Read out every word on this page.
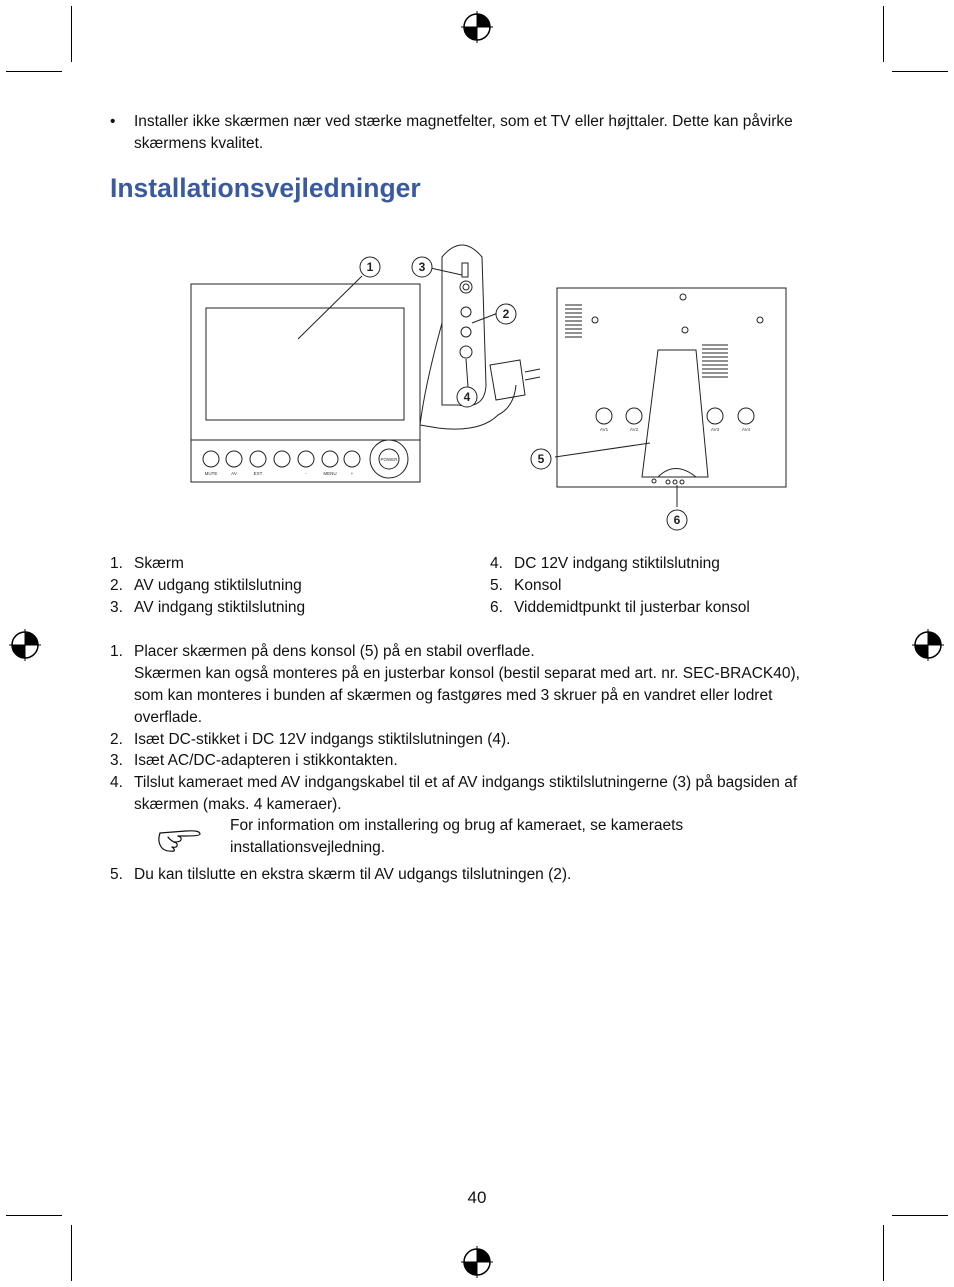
• Installer ikke skærmen nær ved stærke magnetfelter, som et TV eller højttaler. Dette kan påvirke
skærmens kvalitet.
Installationsvejledninger
1
2
3
4
5
6
MUTE	AV	EXT	-	MENU	+
POWER
AV1	AV2	AV3	AV4
1. Skærm
2. AV udgang stiktilslutning
3. AV indgang stiktilslutning
4. DC 12V indgang stiktilslutning
5. Konsol
6. Viddemidtpunkt til justerbar konsol
1. Placer skærmen på dens konsol (5) på en stabil overflade.
Skærmen kan også monteres på en justerbar konsol (bestil separat med art. nr. SEC-BRACK40),
som kan monteres i bunden af skærmen og fastgøres med 3 skruer på en vandret eller lodret
overflade.
2. Isæt DC-stikket i DC 12V indgangs stiktilslutningen (4).
3. Isæt AC/DC-adapteren i stikkontakten.
4. Tilslut kameraet med AV indgangskabel til et af AV indgangs stiktilslutningerne (3) på bagsiden af
skærmen (maks. 4 kameraer).
For information om installering og brug af kameraet, se kameraets
installationsvejledning.
5. Du kan tilslutte en ekstra skærm til AV udgangs tilslutningen (2).
40
